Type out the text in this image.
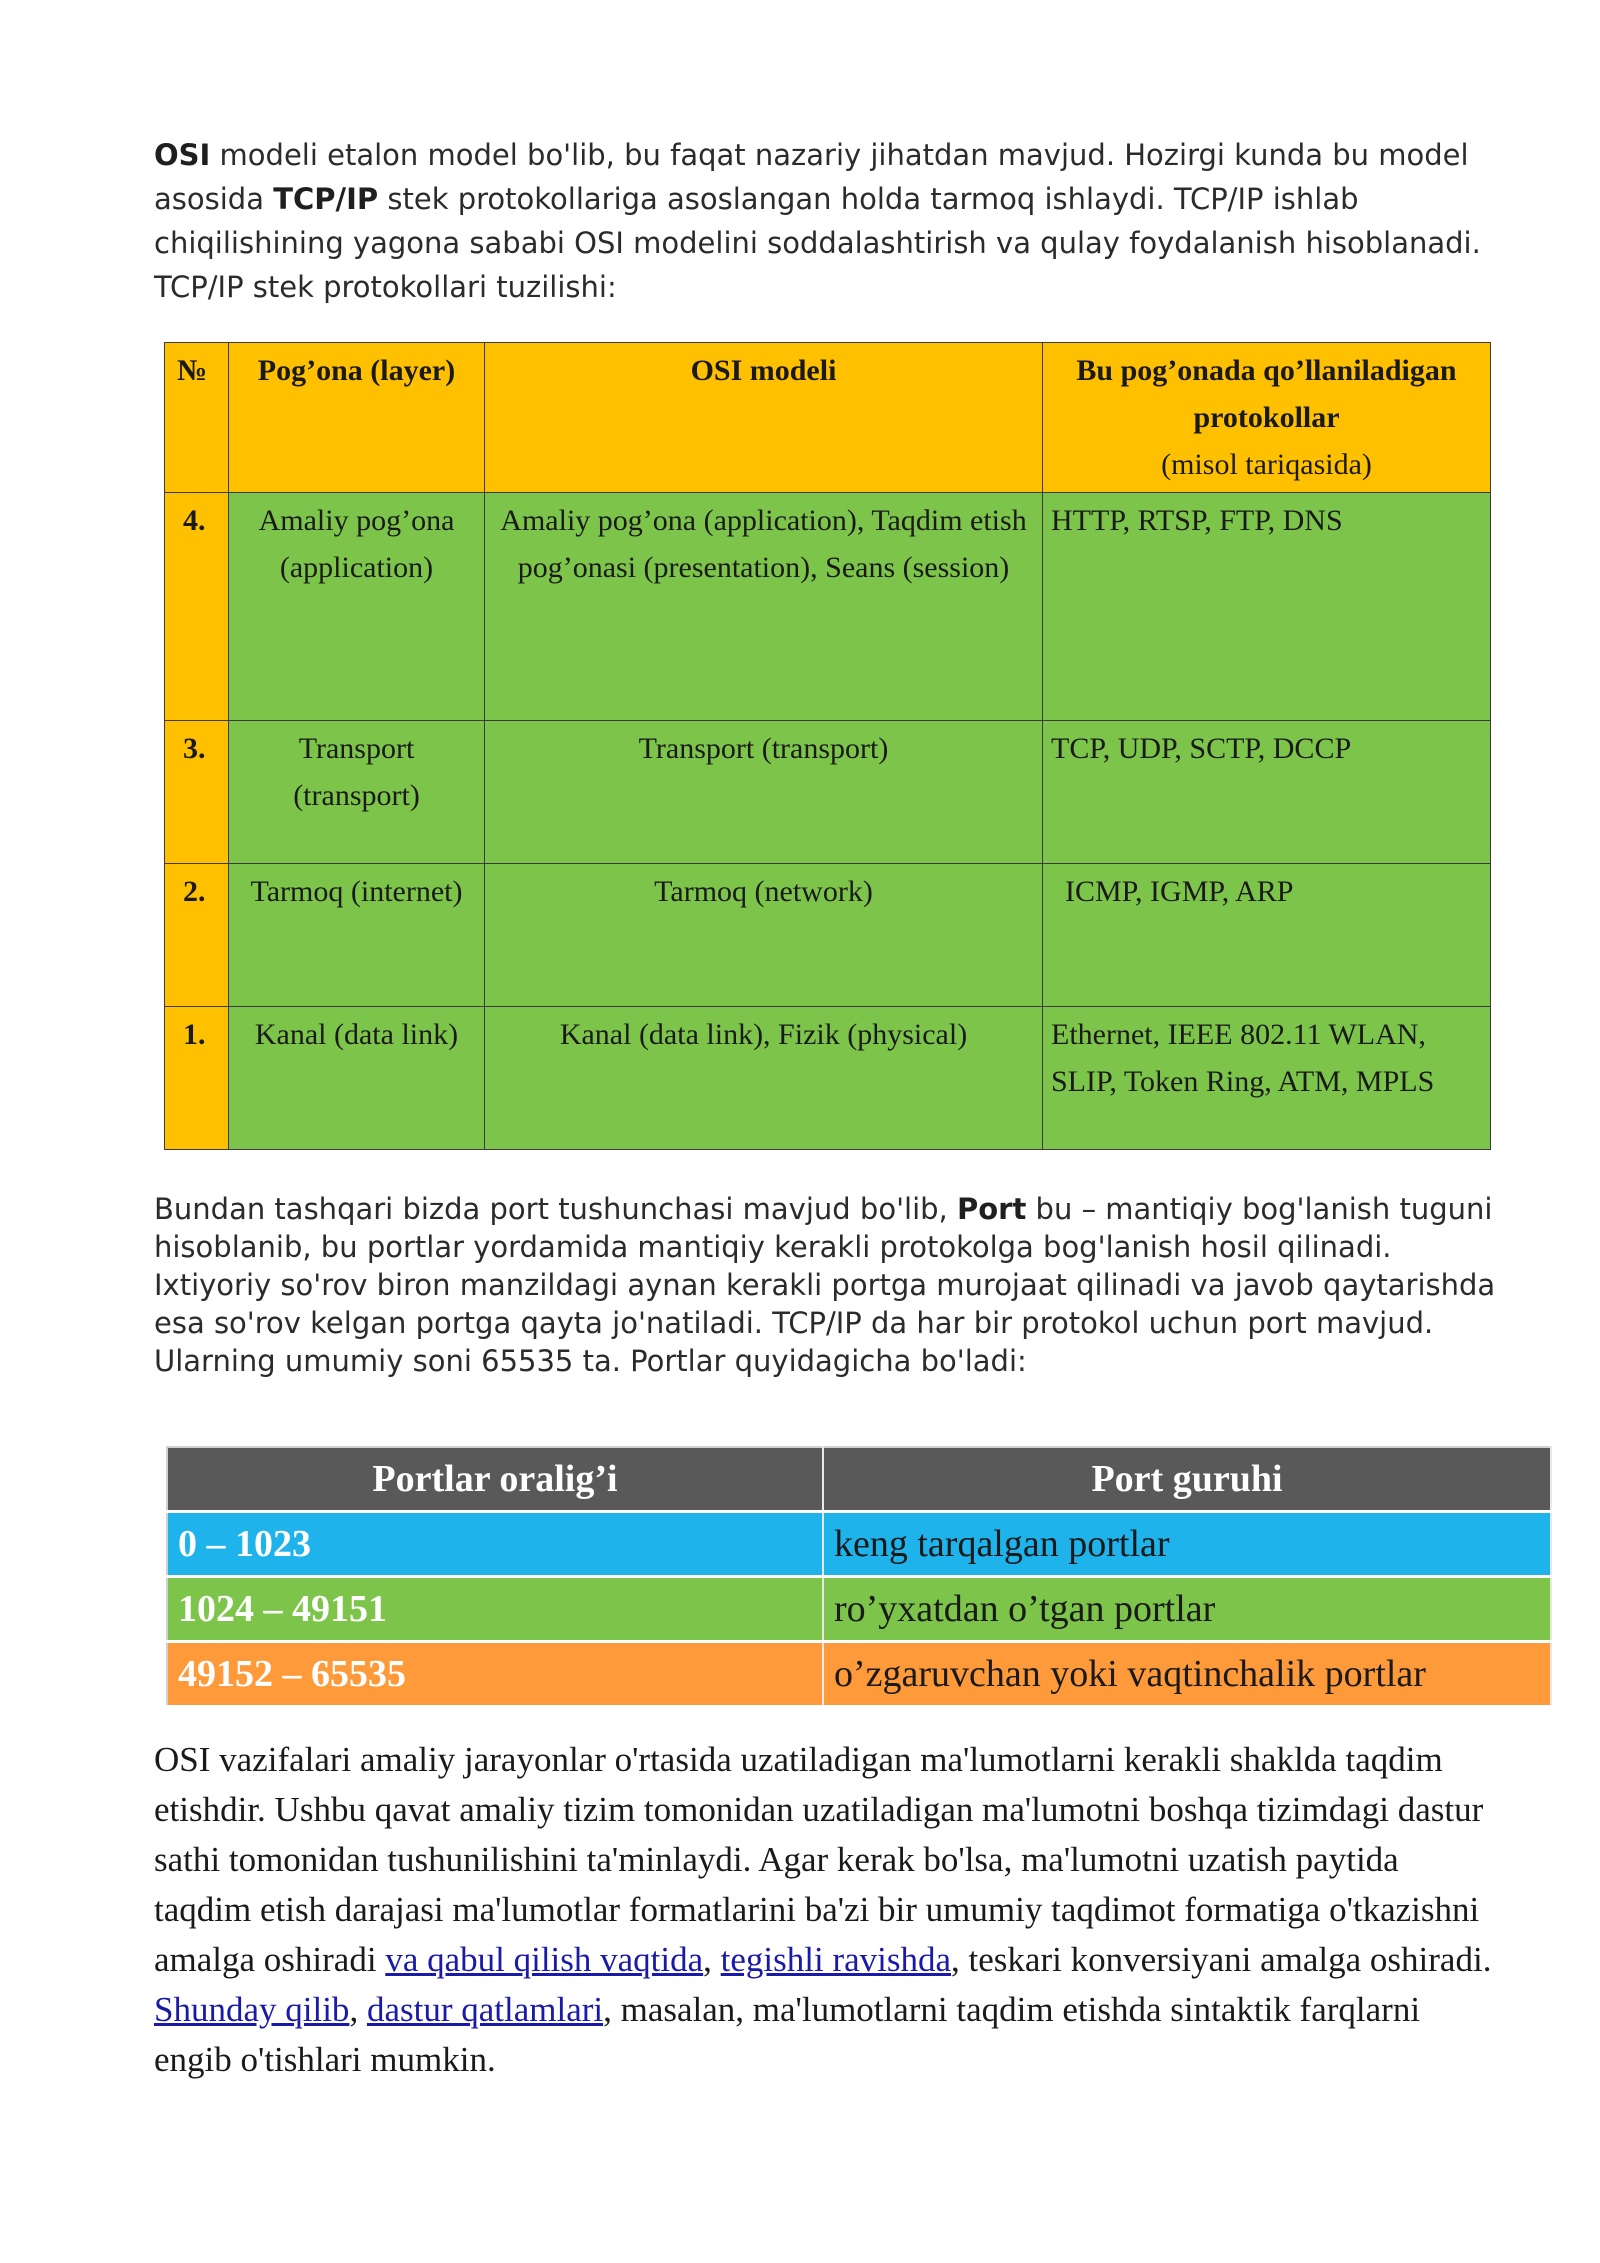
OSI modeli etalon model bo'lib, bu faqat nazariy jihatdan mavjud. Hozirgi kunda bu model asosida TCP/IP stek protokollariga asoslangan holda tarmoq ishlaydi. TCP/IP ishlab chiqilishining yagona sababi OSI modelini soddalashtirish va qulay foydalanish hisoblanadi. TCP/IP stek protokollari tuzilishi:

№	Pog’ona (layer)	OSI modeli	Bu pog’onada qo’llaniladigan protokollar
(misol tariqasida)
4.	Amaliy pog’ona (application)	Amaliy pog’ona (application), Taqdim etish pog’onasi (presentation), Seans (session)	HTTP, RTSP, FTP, DNS
3.	Transport (transport)	Transport (transport)	TCP, UDP, SCTP, DCCP
2.	Tarmoq (internet)	Tarmoq (network)	ICMP, IGMP, ARP
1.	Kanal (data link)	Kanal (data link), Fizik (physical)	Ethernet, IEEE 802.11 WLAN, SLIP, Token Ring, ATM, MPLS

Bundan tashqari bizda port tushunchasi mavjud bo'lib, Port bu – mantiqiy bog'lanish tuguni hisoblanib, bu portlar yordamida mantiqiy kerakli protokolga bog'lanish hosil qilinadi. Ixtiyoriy so'rov biron manzildagi aynan kerakli portga murojaat qilinadi va javob qaytarishda esa so'rov kelgan portga qayta jo'natiladi. TCP/IP da har bir protokol uchun port mavjud. Ularning umumiy soni 65535 ta. Portlar quyidagicha bo'ladi:

Portlar oralig’i	Port guruhi
0 – 1023	keng tarqalgan portlar
1024 – 49151	ro’yxatdan o’tgan portlar
49152 – 65535	o’zgaruvchan yoki vaqtinchalik portlar

OSI vazifalari amaliy jarayonlar o'rtasida uzatiladigan ma'lumotlarni kerakli shaklda taqdim etishdir. Ushbu qavat amaliy tizim tomonidan uzatiladigan ma'lumotni boshqa tizimdagi dastur sathi tomonidan tushunilishini ta'minlaydi. Agar kerak bo'lsa, ma'lumotni uzatish paytida taqdim etish darajasi ma'lumotlar formatlarini ba'zi bir umumiy taqdimot formatiga o'tkazishni amalga oshiradi va qabul qilish vaqtida, tegishli ravishda, teskari konversiyani amalga oshiradi. Shunday qilib, dastur qatlamlari, masalan, ma'lumotlarni taqdim etishda sintaktik farqlarni engib o'tishlari mumkin.
